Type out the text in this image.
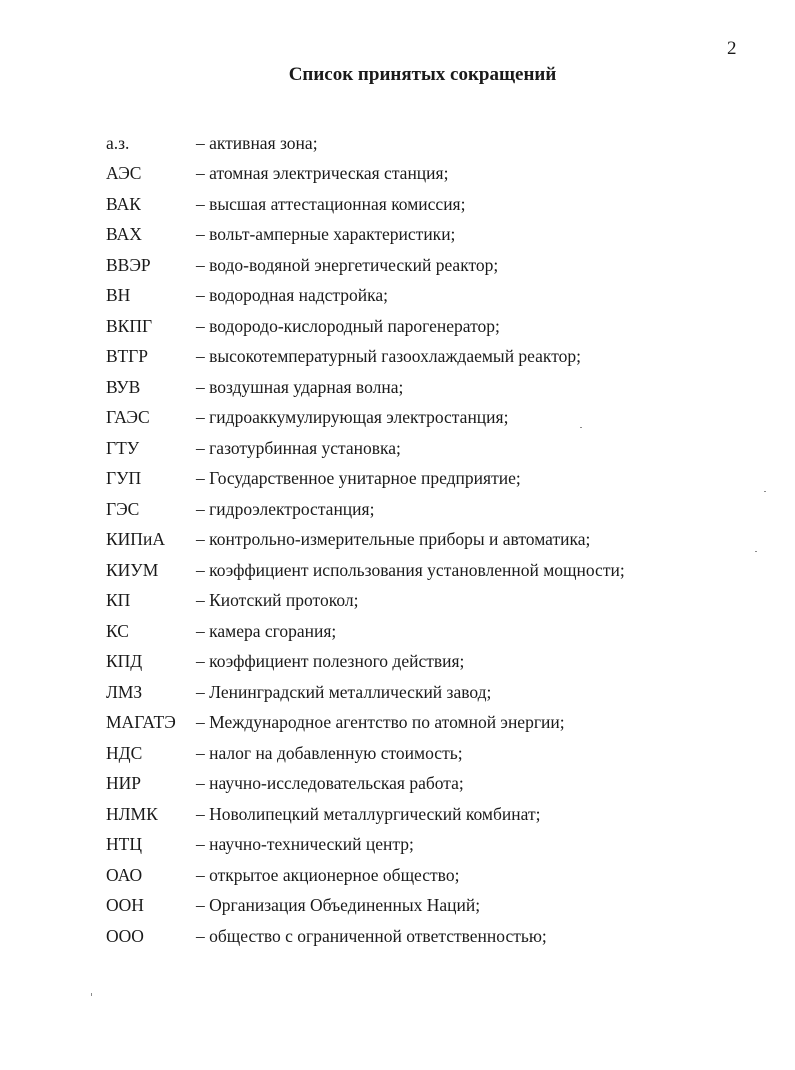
2
Список принятых сокращений
а.з.	– активная зона;
АЭС	– атомная электрическая станция;
ВАК	– высшая аттестационная комиссия;
ВАХ	– вольт-амперные характеристики;
ВВЭР	– водо-водяной энергетический реактор;
ВН	– водородная надстройка;
ВКПГ	– водородо-кислородный парогенератор;
ВТГР	– высокотемпературный газоохлаждаемый реактор;
ВУВ	– воздушная ударная волна;
ГАЭС	– гидроаккумулирующая электростанция;
ГТУ	– газотурбинная установка;
ГУП	– Государственное унитарное предприятие;
ГЭС	– гидроэлектростанция;
КИПиА	– контрольно-измерительные приборы и автоматика;
КИУМ	– коэффициент использования установленной мощности;
КП	– Киотский протокол;
КС	– камера сгорания;
КПД	– коэффициент полезного действия;
ЛМЗ	– Ленинградский металлический завод;
МАГАТЭ	– Международное агентство по атомной энергии;
НДС	– налог на добавленную стоимость;
НИР	– научно-исследовательская работа;
НЛМК	– Новолипецкий металлургический комбинат;
НТЦ	– научно-технический центр;
ОАО	– открытое акционерное общество;
ООН	– Организация Объединенных Наций;
ООО	– общество с ограниченной ответственностью;
